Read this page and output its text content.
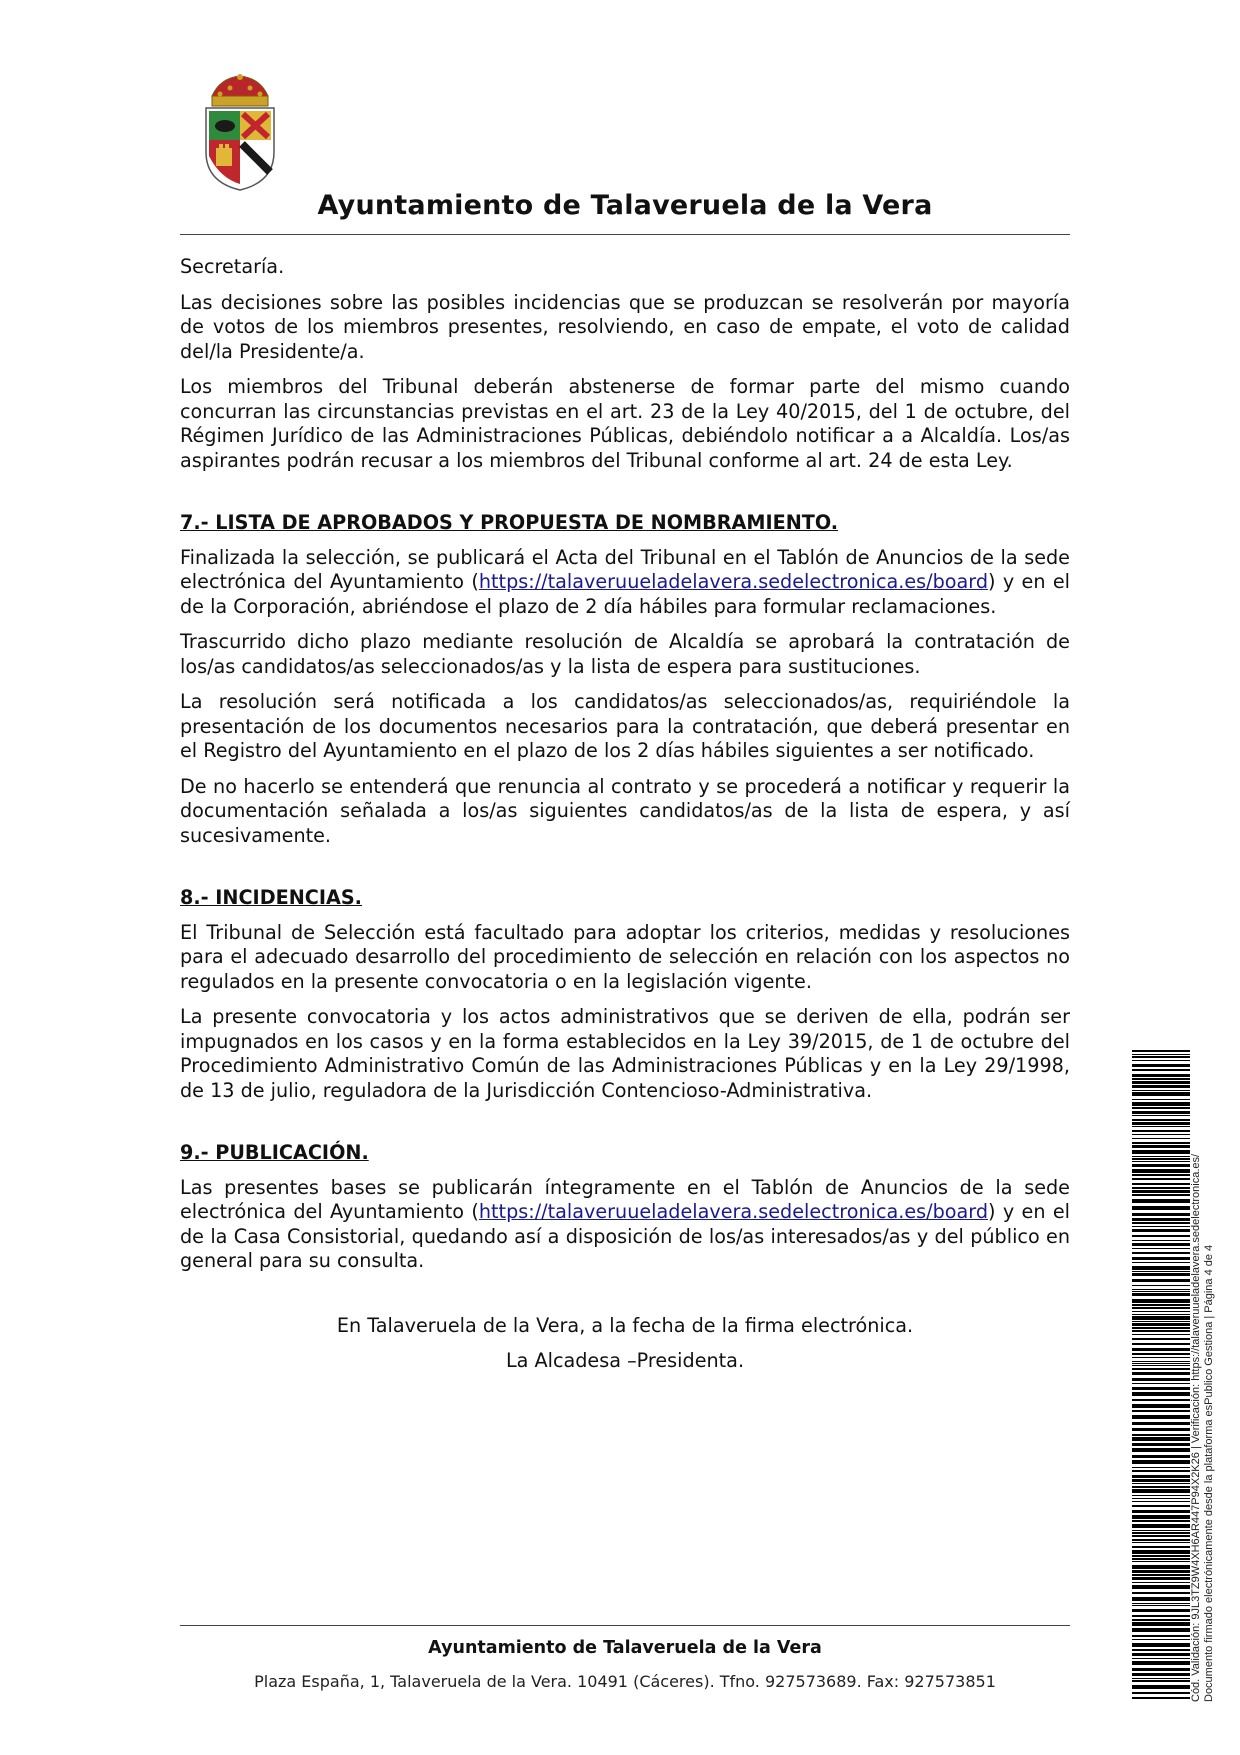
Ayuntamiento de Talaveruela de la Vera

Secretaría.

Las decisiones sobre las posibles incidencias que se produzcan se resolverán por mayoría de votos de los miembros presentes, resolviendo, en caso de empate, el voto de calidad del/la Presidente/a.

Los miembros del Tribunal deberán abstenerse de formar parte del mismo cuando concurran las circunstancias previstas en el art. 23 de la Ley 40/2015, del 1 de octubre, del Régimen Jurídico de las Administraciones Públicas, debiéndolo notificar a a Alcaldía. Los/as aspirantes podrán recusar a los miembros del Tribunal conforme al art. 24 de esta Ley.

7.- LISTA DE APROBADOS Y PROPUESTA DE NOMBRAMIENTO.

Finalizada la selección, se publicará el Acta del Tribunal en el Tablón de Anuncios de la sede electrónica del Ayuntamiento (https://talaveruueladelavera.sedelectronica.es/board) y en el de la Corporación, abriéndose el plazo de 2 día hábiles para formular reclamaciones.

Trascurrido dicho plazo mediante resolución de Alcaldía se aprobará la contratación de los/as candidatos/as seleccionados/as y la lista de espera para sustituciones.

La resolución será notificada a los candidatos/as seleccionados/as, requiriéndole la presentación de los documentos necesarios para la contratación, que deberá presentar en el Registro del Ayuntamiento en el plazo de los 2 días hábiles siguientes a ser notificado.

De no hacerlo se entenderá que renuncia al contrato y se procederá a notificar y requerir la documentación señalada a los/as siguientes candidatos/as de la lista de espera, y así sucesivamente.

8.- INCIDENCIAS.

El Tribunal de Selección está facultado para adoptar los criterios, medidas y resoluciones para el adecuado desarrollo del procedimiento de selección en relación con los aspectos no regulados en la presente convocatoria o en la legislación vigente.

La presente convocatoria y los actos administrativos que se deriven de ella, podrán ser impugnados en los casos y en la forma establecidos en la Ley 39/2015, de 1 de octubre del Procedimiento Administrativo Común de las Administraciones Públicas y en la Ley 29/1998, de 13 de julio, reguladora de la Jurisdicción Contencioso-Administrativa.

9.- PUBLICACIÓN.

Las presentes bases se publicarán íntegramente en el Tablón de Anuncios de la sede electrónica del Ayuntamiento (https://talaveruueladelavera.sedelectronica.es/board) y en el de la Casa Consistorial, quedando así a disposición de los/as interesados/as y del público en general para su consulta.

En Talaveruela de la Vera, a la fecha de la firma electrónica.
La Alcadesa –Presidenta.
Ayuntamiento de Talaveruela de la Vera
Plaza España, 1, Talaveruela de la Vera. 10491 (Cáceres). Tfno. 927573689. Fax: 927573851	Cód. Validación: 9JL3TZ9W4XH6AR447P94X2K26 | Verificación: https://talaveruueladelavera.sedelectronica.es/ Documento firmado electrónicamente desde la plataforma esPublico Gestiona | Página 4 de 4
